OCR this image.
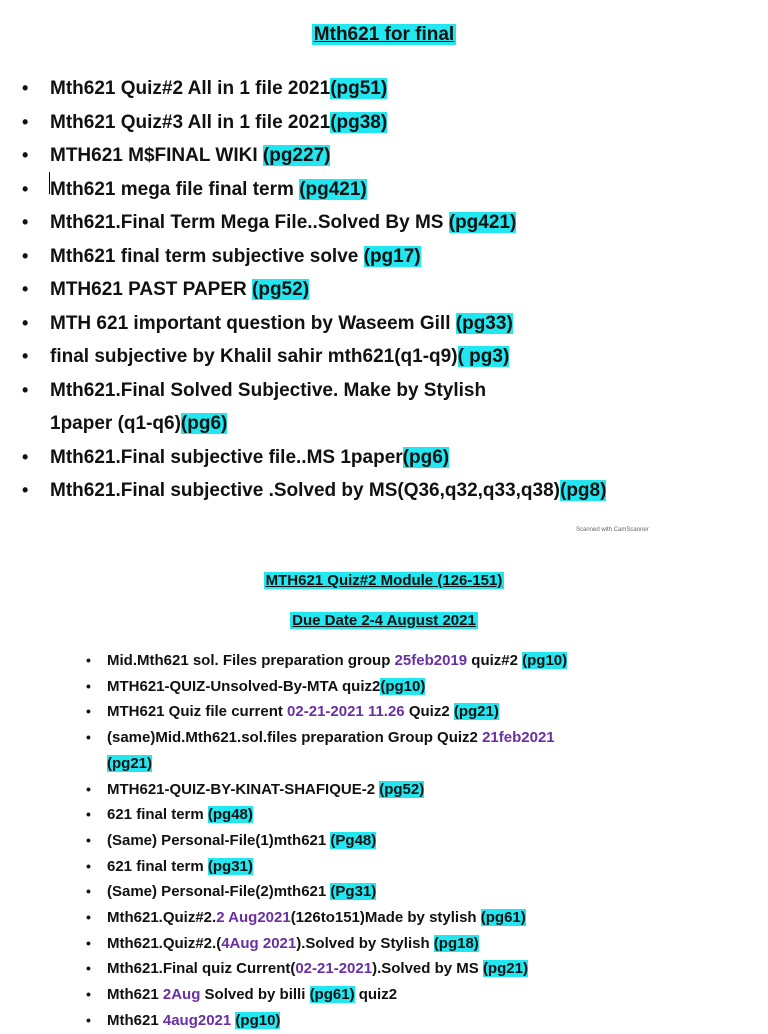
Mth621 for final
• Mth621 Quiz#2 All in 1 file 2021(pg51)
• Mth621 Quiz#3 All in 1 file 2021(pg38)
• MTH621 M$FINAL WIKI (pg227)
• Mth621 mega file final term (pg421)
• Mth621.Final Term Mega File..Solved By MS (pg421)
• Mth621 final term subjective solve (pg17)
• MTH621 PAST PAPER (pg52)
• MTH 621 important question by Waseem Gill (pg33)
• final subjective by Khalil sahir mth621(q1-q9)( pg3)
• Mth621.Final Solved Subjective. Make by Stylish
1paper (q1-q6)(pg6)
• Mth621.Final subjective file..MS 1paper(pg6)
• Mth621.Final subjective .Solved by MS(Q36,q32,q33,q38)(pg8)
Scanned with CamScanner
MTH621 Quiz#2 Module (126-151)
Due Date 2-4 August 2021
• Mid.Mth621 sol. Files preparation group 25feb2019 quiz#2 (pg10)
• MTH621-QUIZ-Unsolved-By-MTA quiz2(pg10)
• MTH621 Quiz file current 02-21-2021 11.26 Quiz2 (pg21)
• (same)Mid.Mth621.sol.files preparation Group Quiz2 21feb2021
(pg21)
• MTH621-QUIZ-BY-KINAT-SHAFIQUE-2 (pg52)
• 621 final term (pg48)
• (Same) Personal-File(1)mth621 (Pg48)
• 621 final term (pg31)
• (Same) Personal-File(2)mth621 (Pg31)
• Mth621.Quiz#2.2 Aug2021(126to151)Made by stylish (pg61)
• Mth621.Quiz#2.(4Aug 2021).Solved by Stylish (pg18)
• Mth621.Final quiz Current(02-21-2021).Solved by MS (pg21)
• Mth621 2Aug Solved by billi (pg61) quiz2
• Mth621 4aug2021 (pg10)
